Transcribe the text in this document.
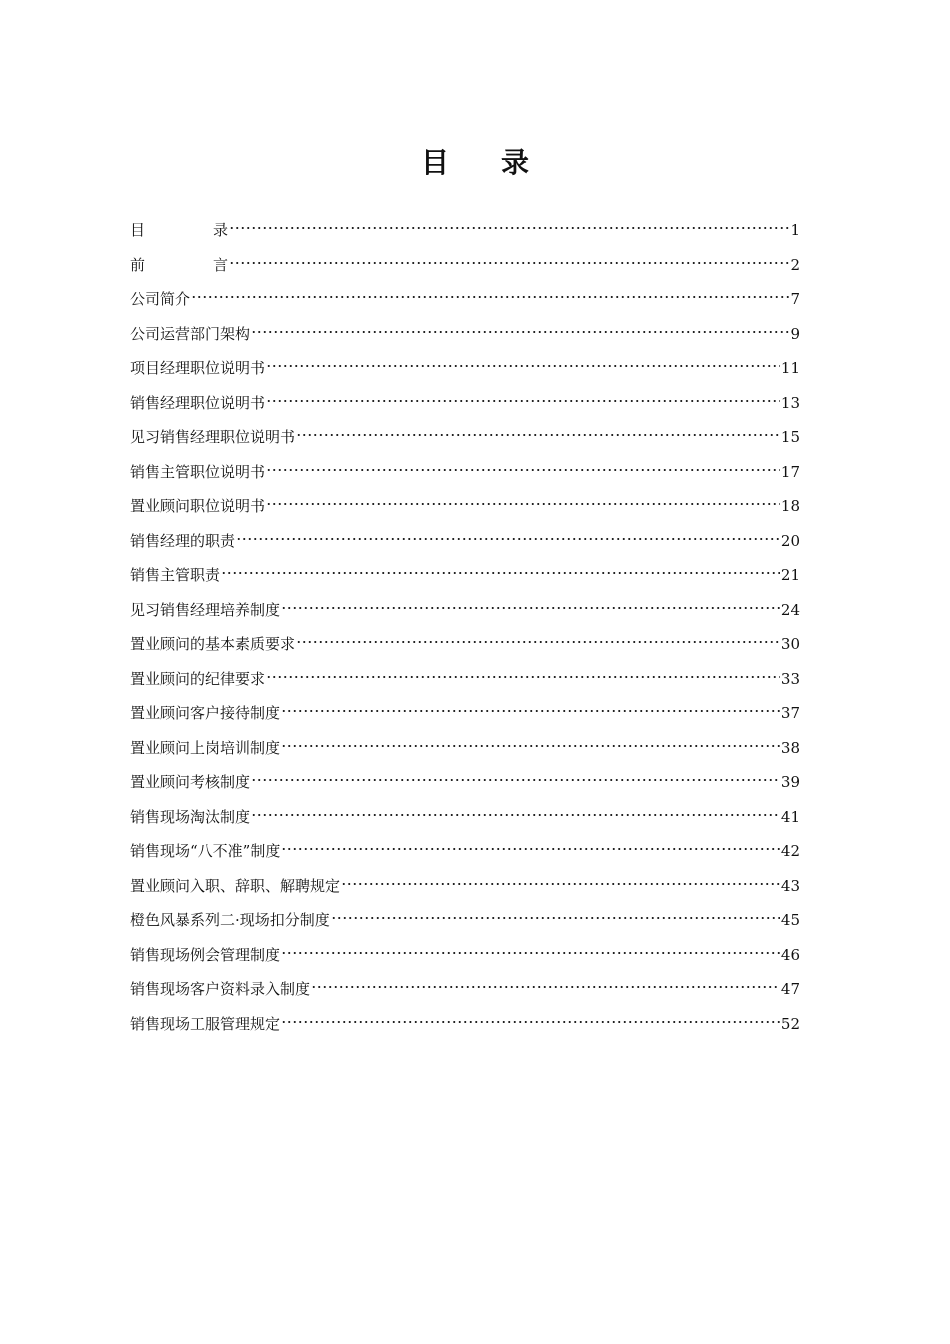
目 录
目	录	1
前	言	2
公司简介	7
公司运营部门架构	9
项目经理职位说明书	11
销售经理职位说明书	13
见习销售经理职位说明书	15
销售主管职位说明书	17
置业顾问职位说明书	18
销售经理的职责	20
销售主管职责	21
见习销售经理培养制度	24
置业顾问的基本素质要求	30
置业顾问的纪律要求	33
置业顾问客户接待制度	37
置业顾问上岗培训制度	38
置业顾问考核制度	39
销售现场淘汰制度	41
销售现场“八不准”制度	42
置业顾问入职、辞职、解聘规定	43
橙色风暴系列二·现场扣分制度	45
销售现场例会管理制度	46
销售现场客户资料录入制度	47
销售现场工服管理规定	52
